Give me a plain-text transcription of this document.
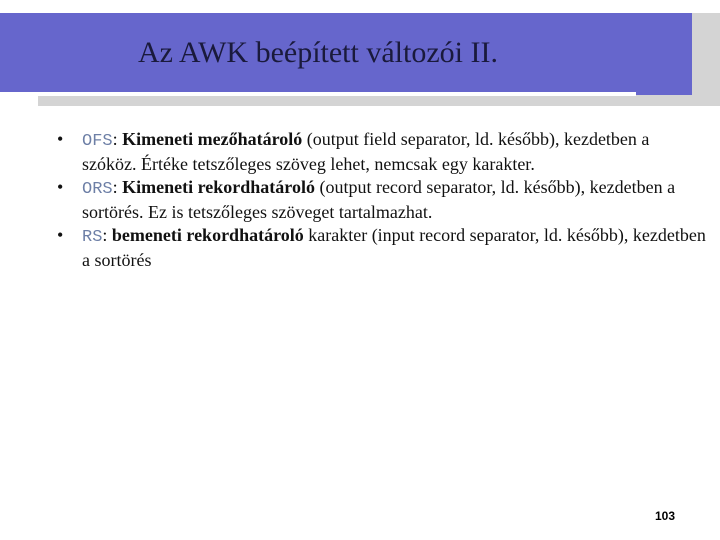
Az AWK beépített változói II.
• OFS: Kimeneti mezőhatároló (output field separator, ld. később), kezdetben a szóköz. Értéke tetszőleges szöveg lehet, nemcsak egy karakter.
• ORS: Kimeneti rekordhatároló (output record separator, ld. később), kezdetben a sortörés. Ez is tetszőleges szöveget tartalmazhat.
• RS: bemeneti rekordhatároló karakter (input record separator, ld. később), kezdetben a sortörés
103
